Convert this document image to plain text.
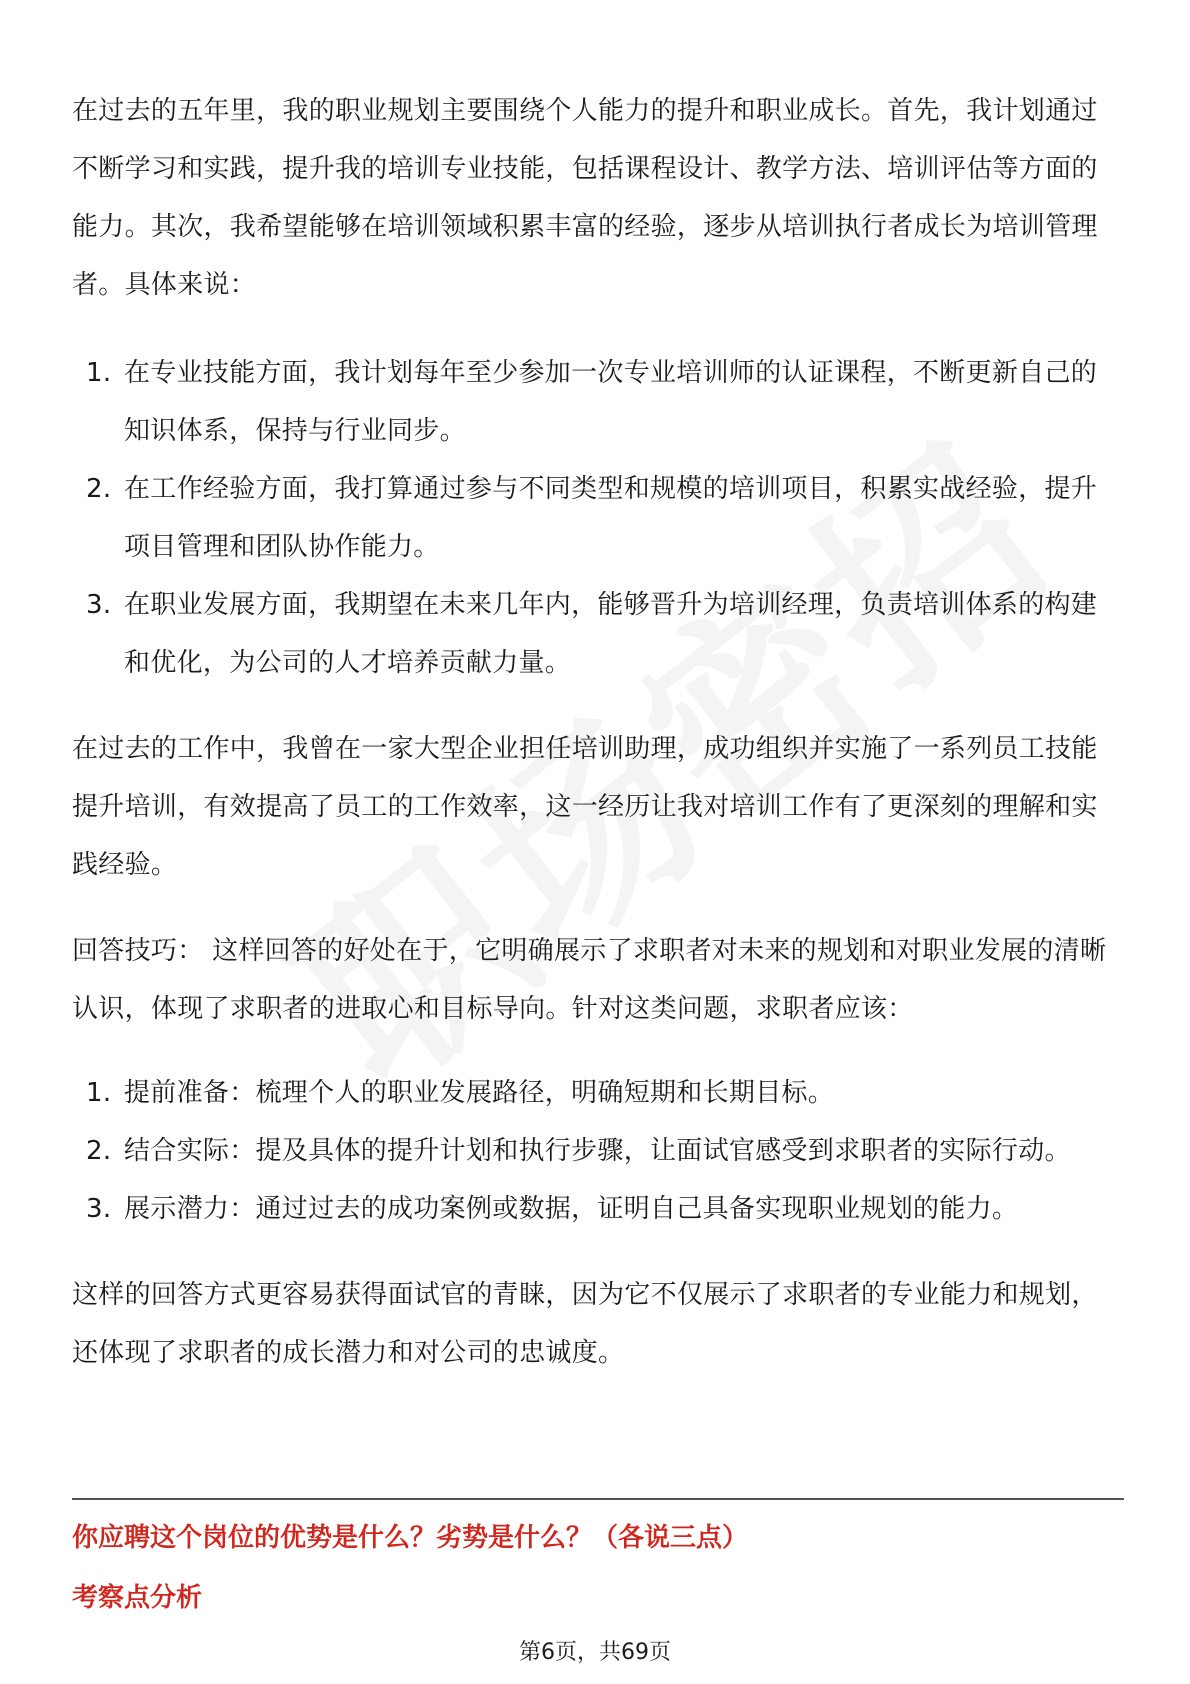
在过去的五年里，我的职业规划主要围绕个人能力的提升和职业成长。首先，我计划通过不断学习和实践，提升我的培训专业技能，包括课程设计、教学方法、培训评估等方面的能力。其次，我希望能够在培训领域积累丰富的经验，逐步从培训执行者成长为培训管理者。具体来说：

1. 在专业技能方面，我计划每年至少参加一次专业培训师的认证课程，不断更新自己的知识体系，保持与行业同步。
2. 在工作经验方面，我打算通过参与不同类型和规模的培训项目，积累实战经验，提升项目管理和团队协作能力。
3. 在职业发展方面，我期望在未来几年内，能够晋升为培训经理，负责培训体系的构建和优化，为公司的人才培养贡献力量。

在过去的工作中，我曾在一家大型企业担任培训助理，成功组织并实施了一系列员工技能提升培训，有效提高了员工的工作效率，这一经历让我对培训工作有了更深刻的理解和实践经验。

回答技巧： 这样回答的好处在于，它明确展示了求职者对未来的规划和对职业发展的清晰认识，体现了求职者的进取心和目标导向。针对这类问题，求职者应该：

1. 提前准备：梳理个人的职业发展路径，明确短期和长期目标。
2. 结合实际：提及具体的提升计划和执行步骤，让面试官感受到求职者的实际行动。
3. 展示潜力：通过过去的成功案例或数据，证明自己具备实现职业规划的能力。

这样的回答方式更容易获得面试官的青睐，因为它不仅展示了求职者的专业能力和规划，还体现了求职者的成长潜力和对公司的忠诚度。

你应聘这个岗位的优势是什么？劣势是什么？（各说三点）
考察点分析
第6页，共69页
